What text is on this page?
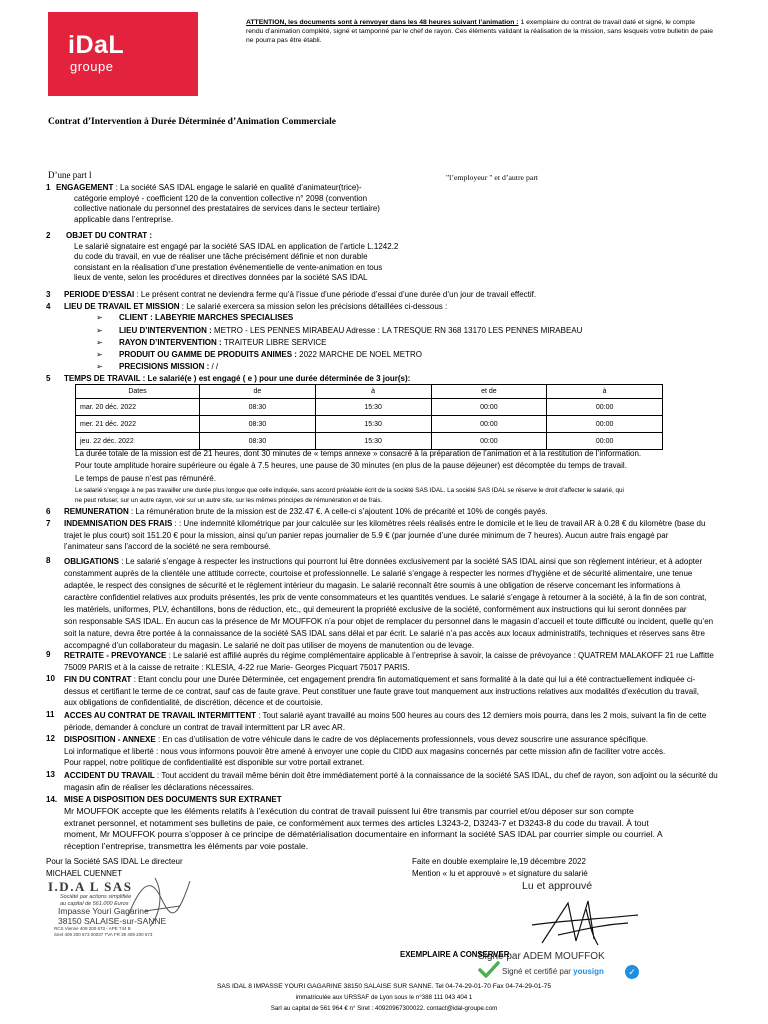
iDaL
groupe
ATTENTION, les documents sont à renvoyer dans les 48 heures suivant l’animation : 1 exemplaire du contrat de travail daté et signé, le compte rendu d’animation complété, signé et tamponné par le chef de rayon. Ces éléments validant la réalisation de la mission, sans lesquels votre bulletin de paie ne pourra pas être établi.
Contrat d’Intervention à Durée Déterminée d’Animation Commerciale
D’une part l	"l’employeur " et d’autre part
1 ENGAGEMENT : La société SAS IDAL engage le salarié en qualité d’animateur(trice)-
catégorie employé - coefficient 120 de la convention collective n° 2098 (convention
collective nationale du personnel des prestataires de services dans le secteur tertiaire)
applicable dans l’entreprise.
2	OBJET DU CONTRAT :
Le salarié signataire est engagé par la société SAS IDAL en application de l’article L.1242.2
du code du travail, en vue de réaliser une tâche précisément définie et non durable
consistant en la réalisation d’une prestation événementielle de vente-animation en tous
lieux de vente, selon les procédures et directives données par la société SAS IDAL
3	PERIODE D’ESSAI : Le présent contrat ne deviendra ferme qu’à l’issue d’une période d’essai d’une durée d’un jour de travail effectif.
4	LIEU DE TRAVAIL ET MISSION : Le salarié exercera sa mission selon les précisions détaillées ci-dessous :
➢ CLIENT : LABEYRIE MARCHES SPECIALISES
➢ LIEU D’INTERVENTION : METRO - LES PENNES MIRABEAU Adresse : LA TRESQUE RN 368 13170 LES PENNES MIRABEAU
➢ RAYON D’INTERVENTION : TRAITEUR LIBRE SERVICE
➢ PRODUIT OU GAMME DE PRODUITS ANIMES : 2022 MARCHE DE NOEL METRO
➢ PRECISIONS MISSION : / /
5	TEMPS DE TRAVAIL : Le salarié(e ) est engagé ( e ) pour une durée déterminée de 3 jour(s):
Dates	de	à	et de	à
mar. 20 déc. 2022	08:30	15:30	00:00	00:00
mer. 21 déc. 2022	08:30	15:30	00:00	00:00
jeu. 22 déc. 2022	08:30	15:30	00:00	00:00
La durée totale de la mission est de 21 heures, dont 30 minutes de « temps annexe » consacré à la préparation de l’animation et à la restitution de l’information.
Pour toute amplitude horaire supérieure ou égale à 7.5 heures, une pause de 30 minutes (en plus de la pause déjeuner) est décomptée du temps de travail.
Le temps de pause n’est pas rémunéré.
Le salarié s’engage à ne pas travailler une durée plus longue que celle indiquée, sans accord préalable écrit de la société SAS IDAL. La société SAS IDAL se réserve le droit d’affecter le salarié, qui
ne peut refuser, sur un autre rayon, voir sur un autre site, sur les mêmes principes de rémunération et de frais.
6	REMUNERATION : La rémunération brute de la mission est de 232.47 €. A celle-ci s’ajoutent 10% de précarité et 10% de congés payés.
7	INDEMNISATION DES FRAIS : : Une indemnité kilométrique par jour calculée sur les kilomètres réels réalisés entre le domicile et le lieu de travail AR à 0.28 € du kilomètre (base du
trajet le plus court) soit 151.20 € pour la mission, ainsi qu’un panier repas journalier de 5.9 € (par journée d’une durée minimum de 7 heures). Aucun autre frais engagé par
l’animateur sans l’accord de la société ne sera remboursé.
8	OBLIGATIONS : Le salarié s’engage à respecter les instructions qui pourront lui être données exclusivement par la société SAS IDAL ainsi que son règlement intérieur, et à adopter
constamment auprès de la clientèle une attitude correcte, courtoise et professionnelle. Le salarié s’engage à respecter les normes d’hygiène et de sécurité alimentaire, une tenue
adaptée, le respect des consignes de sécurité et le règlement intérieur du magasin. Le salarié reconnaît être soumis à une obligation de réserve concernant les informations à
caractère confidentiel relatives aux produits présentés, les prix de vente consommateurs et les quantités vendues. Le salarié s’engage à retourner à la société, à la fin de son contrat,
les matériels, uniformes, PLV, échantillons, bons de réduction, etc., qui demeurent la propriété exclusive de la société, conformément aux instructions qui lui seront données par
son responsable SAS IDAL. En aucun cas la présence de Mr MOUFFOK n’a pour objet de remplacer du personnel dans le magasin d’accueil et toute difficulté ou incident, quelle qu’en
soit la nature, devra être portée à la connaissance de la société SAS IDAL sans délai et par écrit. Le salarié n’a pas accès aux locaux administratifs, techniques et réserves sans être
accompagné d’un collaborateur du magasin. Le salarié ne doit pas utiliser de moyens de manutention ou de levage.
9	RETRAITE - PREVOYANCE : Le salarié est affilié auprès du régime complémentaire applicable à l’entreprise à savoir, la caisse de prévoyance : QUATREM MALAKOFF 21 rue Laffitte
75009 PARIS et à la caisse de retraite : KLESIA, 4-22 rue Marie- Georges Picquart 75017 PARIS.
10	FIN DU CONTRAT : Etant conclu pour une Durée Déterminée, cet engagement prendra fin automatiquement et sans formalité à la date qui lui a été contractuellement indiquée ci-
dessus et certifiant le terme de ce contrat, sauf cas de faute grave. Peut constituer une faute grave tout manquement aux instructions relatives aux modalités d’exécution du travail,
aux obligations de confidentialité, de discrétion, décence et de courtoisie.
11	ACCES AU CONTRAT DE TRAVAIL INTERMITTENT : Tout salarié ayant travaillé au moins 500 heures au cours des 12 derniers mois pourra, dans les 2 mois, suivant la fin de cette
période, demander à conclure un contrat de travail intermittent par LR avec AR.
12	DISPOSITION - ANNEXE : En cas d’utilisation de votre véhicule dans le cadre de vos déplacements professionnels, vous devez souscrire une assurance spécifique.
Loi informatique et liberté : nous vous informons pouvoir être amené à envoyer une copie du CIDD aux magasins concernés par cette mission afin de faciliter votre accès.
Pour rappel, notre politique de confidentialité est disponible sur votre portail extranet.
13	ACCIDENT DU TRAVAIL : Tout accident du travail même bénin doit être immédiatement porté à la connaissance de la société SAS IDAL, du chef de rayon, son adjoint ou la sécurité du
magasin afin de réaliser les déclarations nécessaires.
14. MISE A DISPOSITION DES DOCUMENTS SUR EXTRANET
Mr MOUFFOK accepte que les éléments relatifs à l’exécution du contrat de travail puissent lui être transmis par courriel et/ou déposer sur son compte
extranet personnel, et notamment ses bulletins de paie, ce conformément aux termes des articles L3243-2, D3243-7 et D3243-8 du code du travail. À tout
moment, Mr MOUFFOK pourra s’opposer à ce principe de dématérialisation documentaire en informant la société SAS IDAL par courrier simple ou courriel. A
réception l’entreprise, transmettra les éléments par voie postale.
Pour la Société SAS IDAL Le directeur
MICHAEL CUENNET
Faite en double exemplaire le,19 décembre 2022
Mention « lu et approuvé » et signature du salarié
I.D.A L SAS
Société par actions simplifiée
au capital de 561.000 Euros
Impasse Youri Gagarine
38150 SALAISE-sur-SANNE
RCS Vienne 409 200 673 - APE 744 B
Siret 409 200 673 00037 TVA FR 39 409 200 673
Lu et approuvé
Signé par ADEM MOUFFOK
Signé et certifié par yousign	✓
EXEMPLAIRE A CONSERVER
SAS IDAL 8 IMPASSE YOURI GAGARINE 38150 SALAISE SUR SANNE. Tel 04-74-29-01-70 Fax 04-74-29-01-75
immatriculée aux URSSAF de Lyon sous le n°388 111 043 404 1
Sarl au capital de 561 964 € n° Siret : 40920967300022. contact@idal-groupe.com
